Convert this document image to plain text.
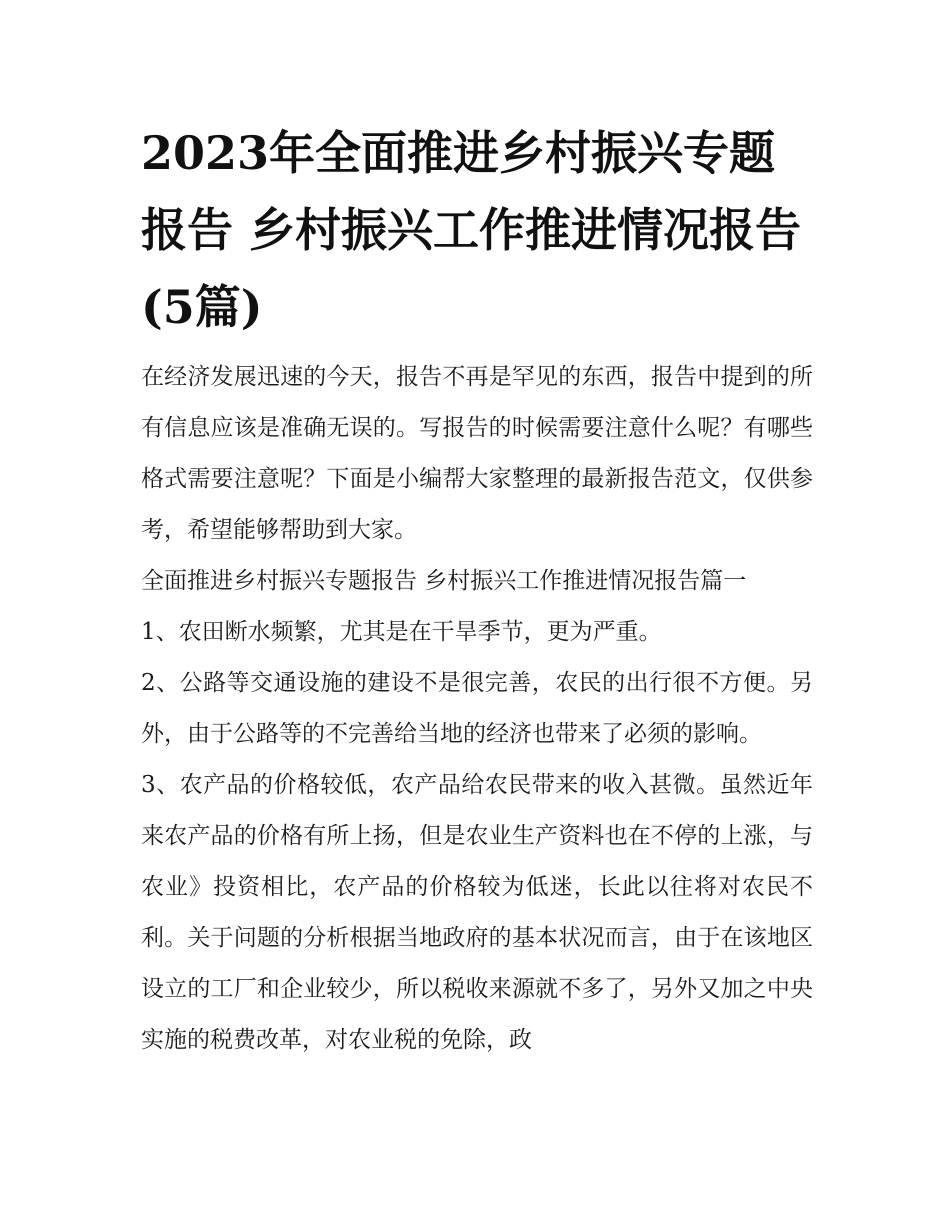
2023年全面推进乡村振兴专题报告 乡村振兴工作推进情况报告(5篇)

在经济发展迅速的今天，报告不再是罕见的东西，报告中提到的所有信息应该是准确无误的。写报告的时候需要注意什么呢？有哪些格式需要注意呢？下面是小编帮大家整理的最新报告范文，仅供参考，希望能够帮助到大家。

全面推进乡村振兴专题报告 乡村振兴工作推进情况报告篇一

1、农田断水频繁，尤其是在干旱季节，更为严重。

2、公路等交通设施的建设不是很完善，农民的出行很不方便。另外，由于公路等的不完善给当地的经济也带来了必须的影响。

3、农产品的价格较低，农产品给农民带来的收入甚微。虽然近年来农产品的价格有所上扬，但是农业生产资料也在不停的上涨，与农业》投资相比，农产品的价格较为低迷，长此以往将对农民不利。关于问题的分析根据当地政府的基本状况而言，由于在该地区设立的工厂和企业较少，所以税收来源就不多了，另外又加之中央实施的税费改革，对农业税的免除，政
